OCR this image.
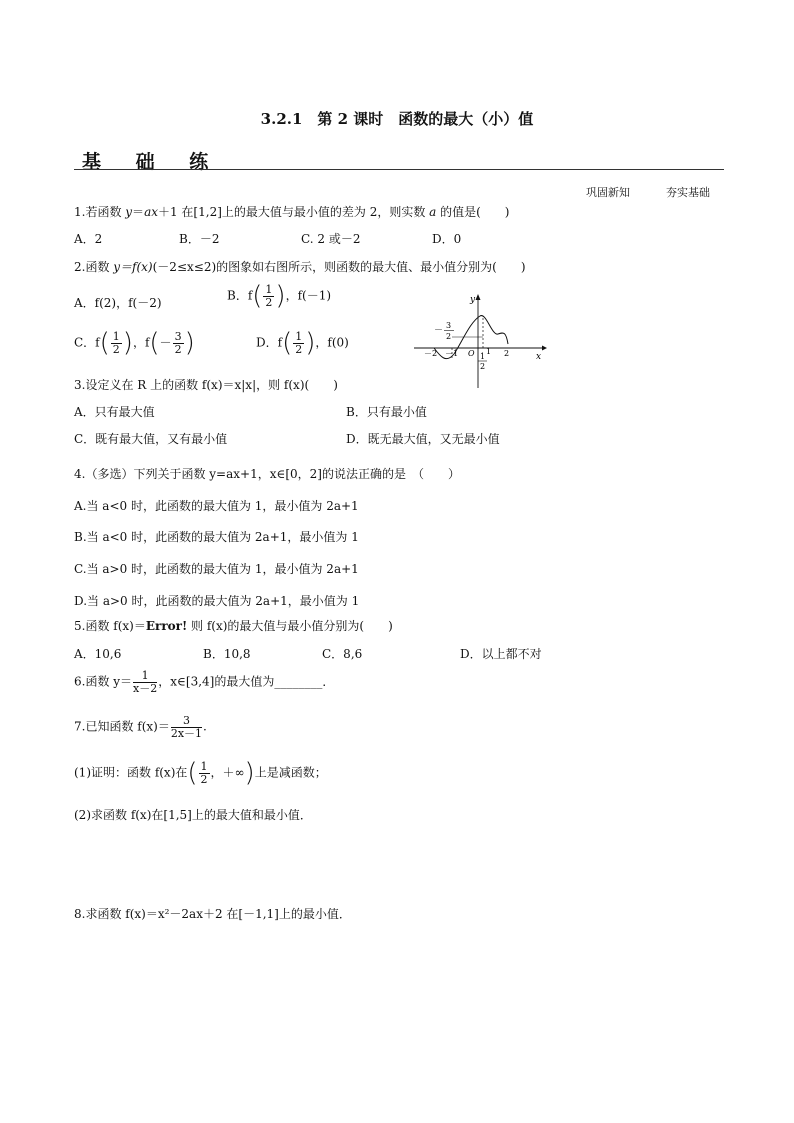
3.2.1　第 2 课时　函数的最大（小）值
基 础 练
巩固新知	夯实基础
1.若函数 y＝ax＋1 在[1,2]上的最大值与最小值的差为 2，则实数 a 的值是(　　)
A．2	B．－2	C. 2 或－2	D．0
2.函数 y＝f(x)(－2≤x≤2)的图象如右图所示，则函数的最大值、最小值分别为(　　)
A．f(2)，f(－2)
B．$f( \frac{1}{2}$ )，f(－1)
C．$f( \frac{1}{2}$ )，$f(- \frac{3}{2}$ )	D．$f( \frac{1}{2}$ )，f(0)
y
x
O
－
3
2
－2　－1	1 2
1
2
3.设定义在 R 上的函数 f(x)＝x|x|，则 f(x)(　　)
A．只有最大值	B．只有最小值
C．既有最大值，又有最小值	D．既无最大值，又无最小值
4.（多选）下列关于函数 y=ax+1，x∈[0，2]的说法正确的是　（　　）
A.当 a<0 时，此函数的最大值为 1，最小值为 2a+1
B.当 a<0 时，此函数的最大值为 2a+1，最小值为 1
C.当 a>0 时，此函数的最大值为 1，最小值为 2a+1
D.当 a>0 时，此函数的最大值为 2a+1，最小值为 1
5.函数 f(x)＝Error! 则 f(x)的最大值与最小值分别为(　　)
A．10,6	B．10,8	C．8,6	D．以上都不对
6.函数 $y= \frac{1}{x-2}$ ，x∈[3,4]的最大值为________．
7.已知函数 $f(x)= \frac{3}{2x-1}$ .
(1)证明：函数 f(x)在( $\frac{1}{2}$ ，＋∞)上是减函数；
(2)求函数 f(x)在[1,5]上的最大值和最小值．
8.求函数 f(x)＝x²－2ax＋2 在[－1,1]上的最小值．
